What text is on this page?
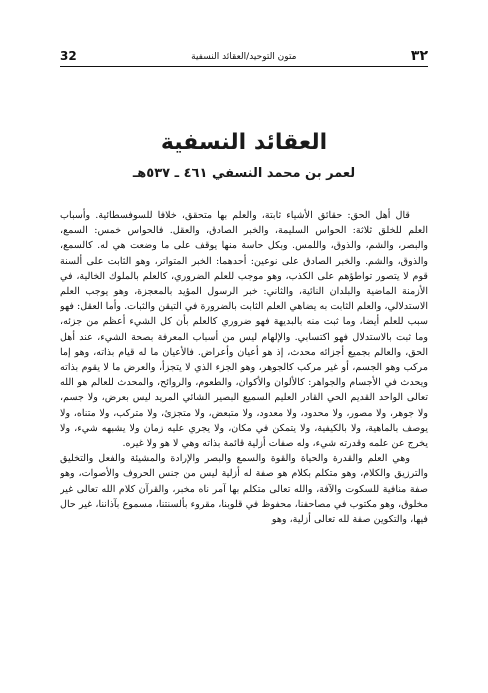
32	متون التوحيد/العقائد النسفية	٣٢
العقائد النسفية
لعمر بن محمد النسفي ٤٦١ ـ ٥٣٧هـ

قال أهل الحق: حقائق الأشياء ثابتة، والعلم بها متحقق، خلافا للسوفسطائية. وأسباب العلم للخلق ثلاثة: الحواس السليمة، والخبر الصادق، والعقل. فالحواس خمس: السمع، والبصر، والشم، والذوق، واللمس. وبكل حاسة منها يوقف على ما وضعت هي له. كالسمع، والذوق، والشم. والخبر الصادق على نوعين: أحدهما: الخبر المتواتر، وهو الثابت على ألسنة قوم لا يتصور تواطؤهم على الكذب، وهو موجب للعلم الضروري، كالعلم بالملوك الخالية، في الأزمنة الماضية والبلدان النائية، والثاني: خبر الرسول المؤيد بالمعجزة، وهو يوجب العلم الاستدلالي، والعلم الثابت به يضاهي العلم الثابت بالضرورة في التيقن والثبات. وأما العقل: فهو سبب للعلم أيضا، وما ثبت منه بالبديهة فهو ضروري كالعلم بأن كل الشيء أعظم من جزئه، وما ثبت بالاستدلال فهو اكتسابي. والإلهام ليس من أسباب المعرفة بصحة الشيء، عند أهل الحق، والعالم بجميع أجزائه محدث، إذ هو أعيان وأعراض. فالأعيان ما له قيام بذاته، وهو إما مركب وهو الجسم، أو غير مركب كالجوهر، وهو الجزء الذي لا يتجزأ، والعرض ما لا يقوم بذاته ويحدث في الأجسام والجواهر: كالألوان والأكوان، والطعوم، والروائح، والمحدث للعالم هو الله تعالى الواحد القديم الحي القادر العليم السميع البصير الشائي المريد ليس بعرض، ولا جسم، ولا جوهر، ولا مصور، ولا محدود، ولا معدود، ولا متبعض، ولا متجزئ، ولا متركب، ولا متناه، ولا يوصف بالماهية، ولا بالكيفية، ولا يتمكن في مكان، ولا يجري عليه زمان ولا يشبهه شيء، ولا يخرج عن علمه وقدرته شيء، وله صفات أزلية قائمة بذاته وهي لا هو ولا غيره.

وهي العلم والقدرة والحياة والقوة والسمع والبصر والإرادة والمشيئة والفعل والتخليق والترزيق والكلام، وهو متكلم بكلام هو صفة له أزلية ليس من جنس الحروف والأصوات، وهو صفة منافية للسكوت والآفة، والله تعالى متكلم بها آمر ناه مخبر، والقرآن كلام الله تعالى غير مخلوق، وهو مكتوب في مصاحفنا، محفوظ في قلوبنا، مقروء بألسنتنا، مسموع بآذاننا، غير حال فيها، والتكوين صفة لله تعالى أزلية، وهو
